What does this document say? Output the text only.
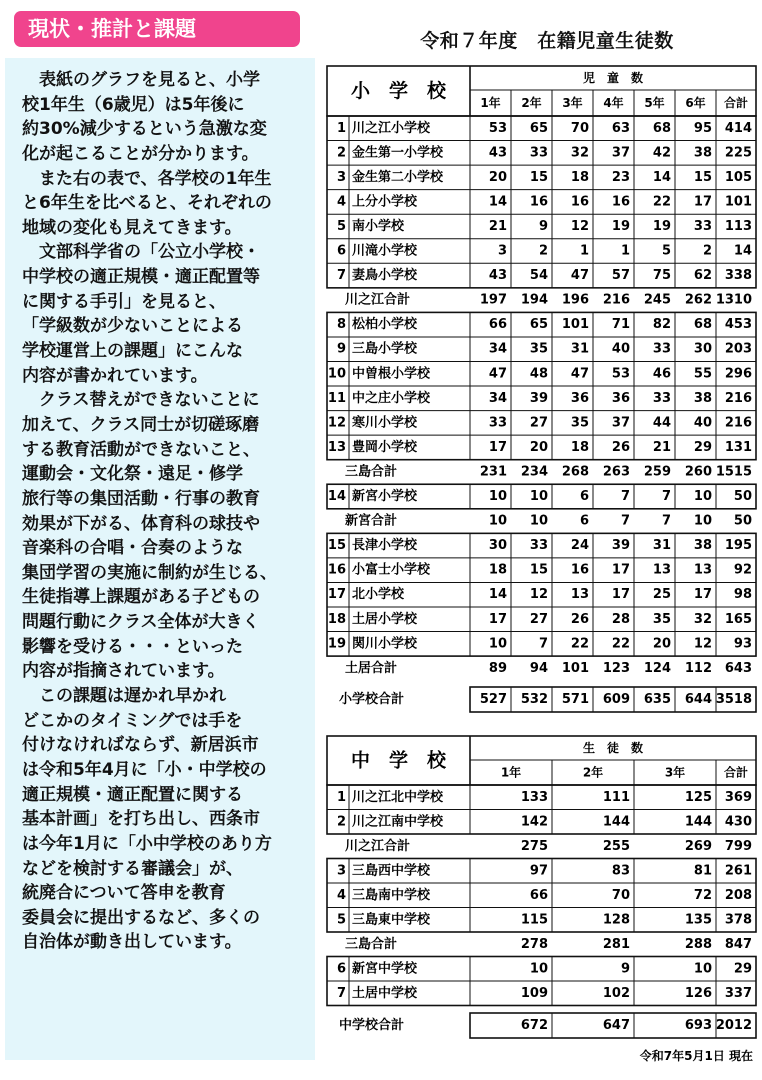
現状・推計と課題	令和７年度　在籍児童生徒数
　表紙のグラフを見ると、小学
校1年生（6歳児）は5年後に
約30%減少するという急激な変
化が起こることが分かります。
　また右の表で、各学校の1年生
と6年生を比べると、それぞれの
地域の変化も見えてきます。
　文部科学省の「公立小学校・
中学校の適正規模・適正配置等
に関する手引」を見ると、
「学級数が少ないことによる
学校運営上の課題」にこんな
内容が書かれています。
　クラス替えができないことに
加えて、クラス同士が切磋琢磨
する教育活動ができないこと、
運動会・文化祭・遠足・修学
旅行等の集団活動・行事の教育
効果が下がる、体育科の球技や
音楽科の合唱・合奏のような
集団学習の実施に制約が生じる、
生徒指導上課題がある子どもの
問題行動にクラス全体が大きく
影響を受ける・・・といった
内容が指摘されています。
　この課題は遅かれ早かれ
どこかのタイミングでは手を
付けなければならず、新居浜市
は令和5年4月に「小・中学校の
適正規模・適正配置に関する
基本計画」を打ち出し、西条市
は今年1月に「小中学校のあり方
などを検討する審議会」が、
統廃合について答申を教育
委員会に提出するなど、多くの
自治体が動き出しています。
小　学　校
児　童　数
1年 2年 3年 4年 5年 6年 合計
1 川之江小学校	53 65 70 63 68 95 414
2 金生第一小学校	43 33 32 37 42 38 225
3 金生第二小学校	20 15 18 23 14 15 105
4 上分小学校	14 16 16 16 22 17 101
5 南小学校	21 9 12 19 19 33 113
6 川滝小学校	3 2 1 1 5 2 14
7 妻鳥小学校	43 54 47 57 75 62 338
川之江合計	197 194 196 216 245 262 1310
8 松柏小学校	66 65 101 71 82 68 453
9 三島小学校	34 35 31 40 33 30 203
10 中曽根小学校	47 48 47 53 46 55 296
11 中之庄小学校	34 39 36 36 33 38 216
12 寒川小学校	33 27 35 37 44 40 216
13 豊岡小学校	17 20 18 26 21 29 131
三島合計	231 234 268 263 259 260 1515
14 新宮小学校	10 10 6 7 7 10 50
新宮合計	10 10 6 7 7 10 50
15 長津小学校	30 33 24 39 31 38 195
16 小富士小学校	18 15 16 17 13 13 92
17 北小学校	14 12 13 17 25 17 98
18 土居小学校	17 27 26 28 35 32 165
19 関川小学校	10 7 22 22 20 12 93
土居合計	89 94 101 123 124 112 643
小学校合計	527 532 571 609 635 644 3518
中　学　校
生　徒　数
1年	2年	3年	合計
1 川之江北中学校	133	111	125 369
2 川之江南中学校	142	144	144 430
川之江合計	275	255	269 799
3 三島西中学校	97	83	81 261
4 三島南中学校	66	70	72 208
5 三島東中学校	115	128	135 378
三島合計	278	281	288 847
6 新宮中学校	10	9	10 29
7 土居中学校	109	102	126 337
中学校合計	672	647	693 2012
令和7年5月1日 現在
